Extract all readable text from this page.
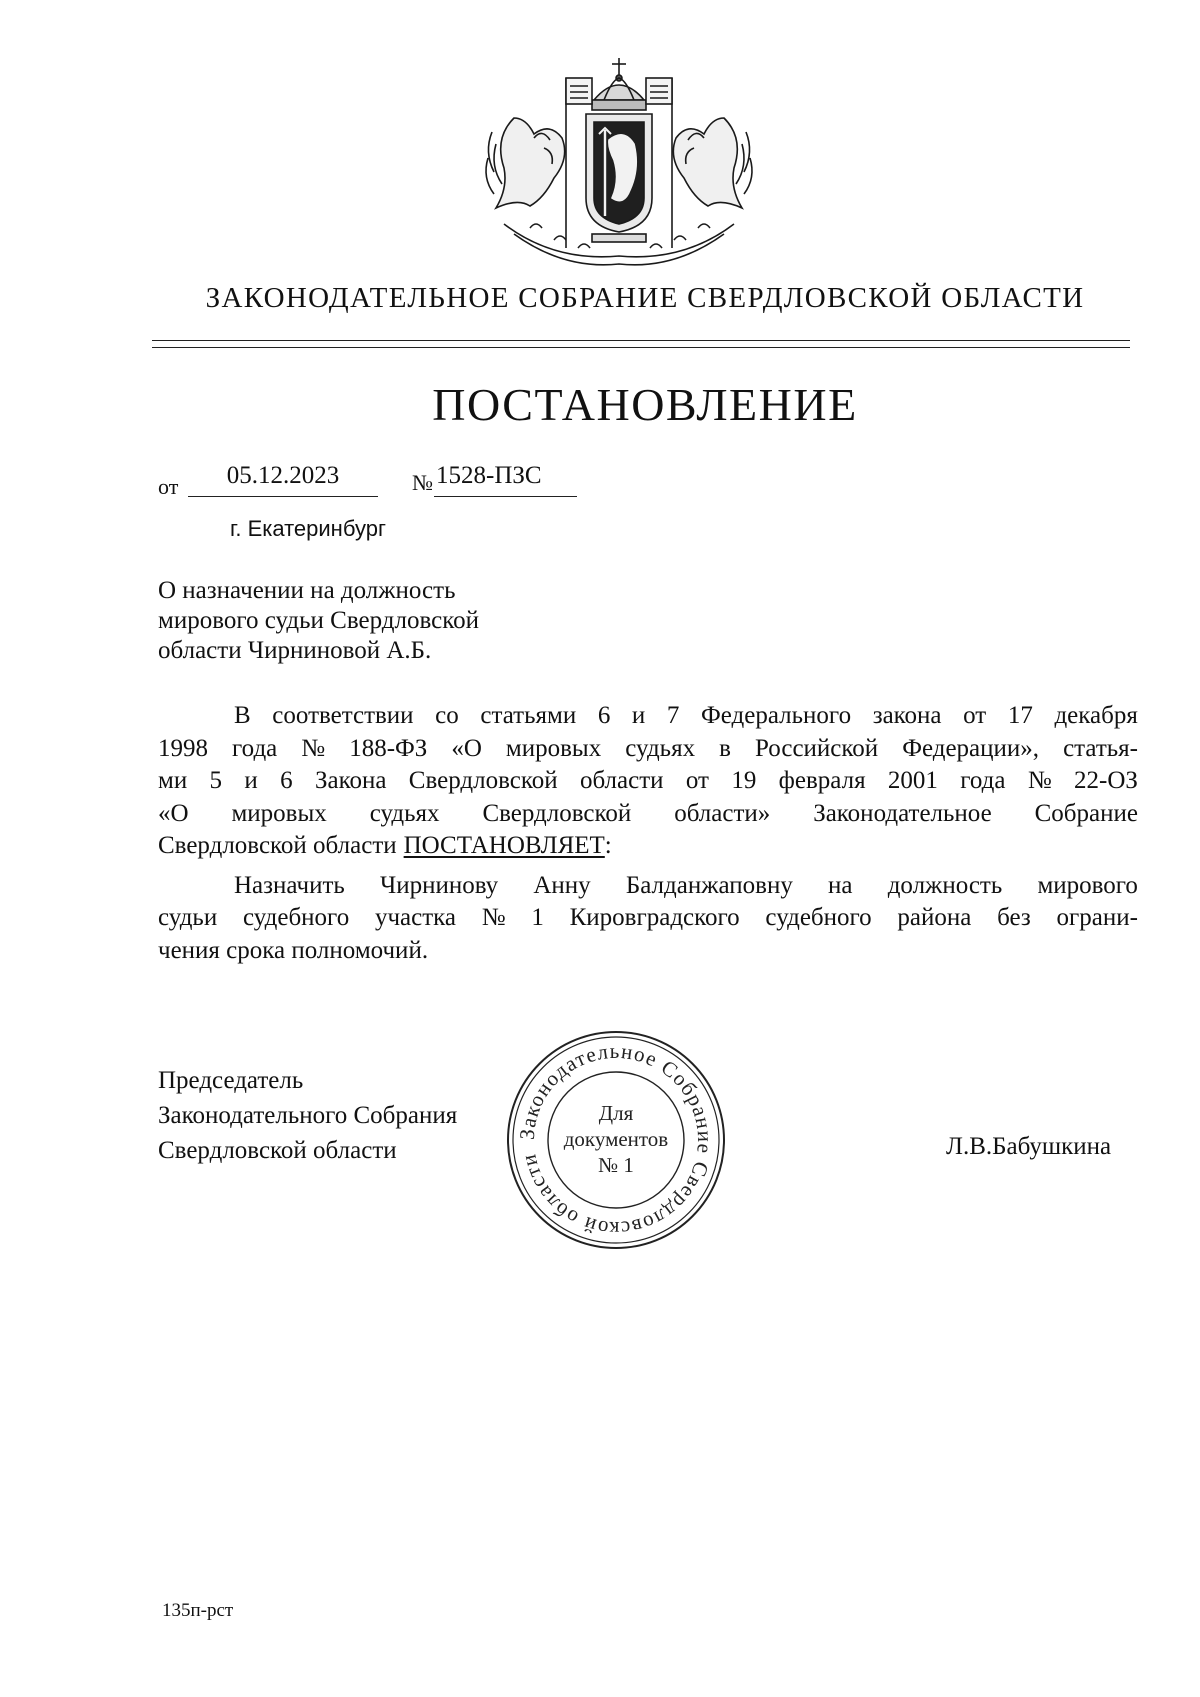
ЗАКОНОДАТЕЛЬНОЕ СОБРАНИЕ СВЕРДЛОВСКОЙ ОБЛАСТИ
ПОСТАНОВЛЕНИЕ
от	05.12.2023	№ 1528-ПЗС
г. Екатеринбург
О назначении на должность
мирового судьи Свердловской
области Чирниновой А.Б.
В соответствии со статьями 6 и 7 Федерального закона от 17 декабря
1998 года № 188-ФЗ «О мировых судьях в Российской Федерации», статья-
ми 5 и 6 Закона Свердловской области от 19 февраля 2001 года № 22-ОЗ
«О мировых судьях Свердловской области» Законодательное Собрание
Свердловской области ПОСТАНОВЛЯЕТ :
Назначить Чирнинову Анну Балданжаповну на должность мирового
судьи судебного участка № 1 Кировградского судебного района без ограни-
чения срока полномочий.
Председатель
Законодательного Собрания
Свердловской области	Л.В.Бабушкина
Законодательное Собрание Свердловской области
Для
документов
№ 1
135п-рст
